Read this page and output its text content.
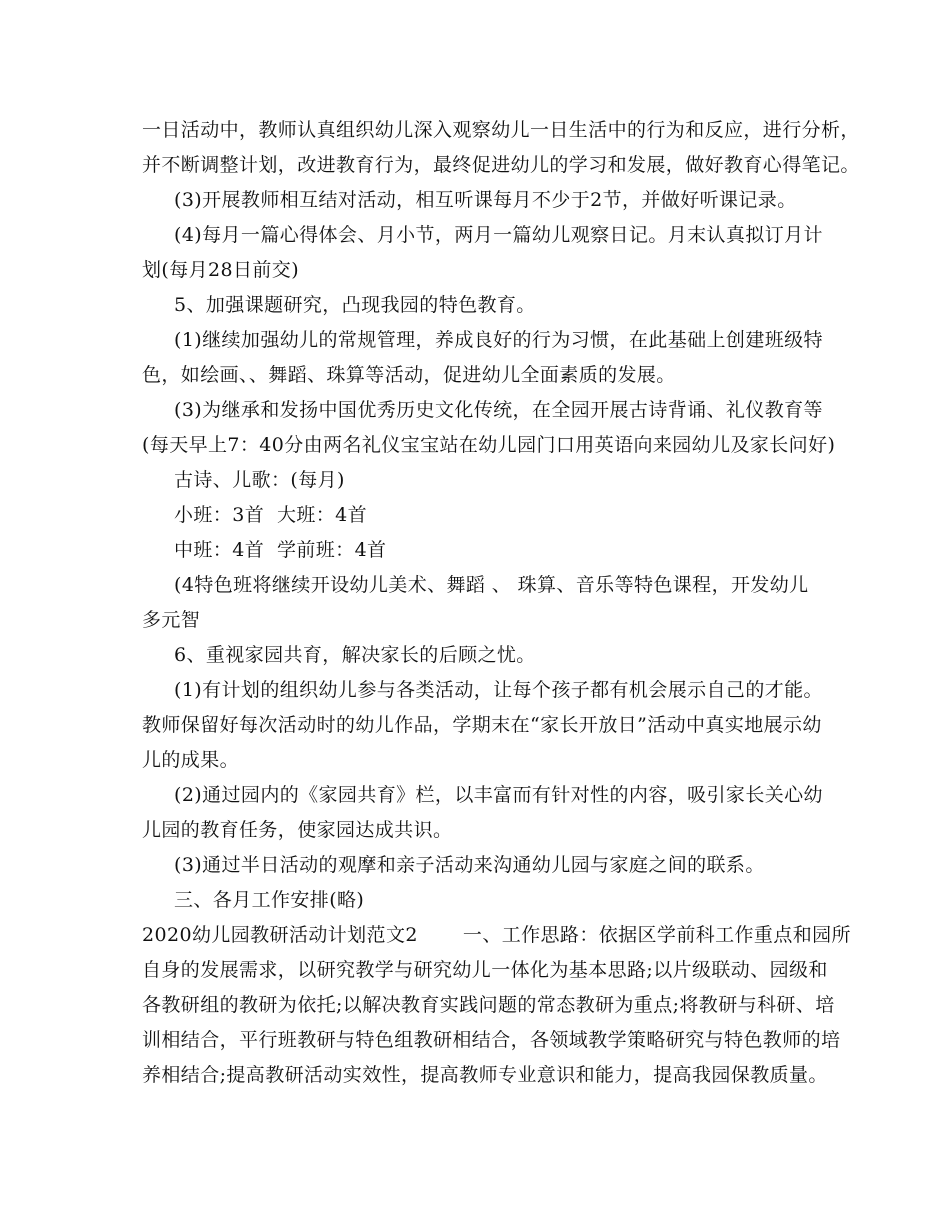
一日活动中，教师认真组织幼儿深入观察幼儿一日生活中的行为和反应，进行分析，
并不断调整计划，改进教育行为，最终促进幼儿的学习和发展，做好教育心得笔记。
(3)开展教师相互结对活动，相互听课每月不少于2节，并做好听课记录。
(4)每月一篇心得体会、月小节，两月一篇幼儿观察日记。月末认真拟订月计
划(每月28日前交)
5、加强课题研究，凸现我园的特色教育。
(1)继续加强幼儿的常规管理，养成良好的行为习惯，在此基础上创建班级特
色，如绘画、、舞蹈、珠算等活动，促进幼儿全面素质的发展。
(3)为继承和发扬中国优秀历史文化传统，在全园开展古诗背诵、礼仪教育等
(每天早上7：40分由两名礼仪宝宝站在幼儿园门口用英语向来园幼儿及家长问好)
古诗、儿歌：(每月)
小班：3首  大班：4首
中班：4首  学前班：4首
(4特色班将继续开设幼儿美术、舞蹈 、 珠算、音乐等特色课程，开发幼儿
多元智
6、重视家园共育，解决家长的后顾之忧。
(1)有计划的组织幼儿参与各类活动，让每个孩子都有机会展示自己的才能。
教师保留好每次活动时的幼儿作品，学期末在“家长开放日”活动中真实地展示幼
儿的成果。
(2)通过园内的《家园共育》栏，以丰富而有针对性的内容，吸引家长关心幼
儿园的教育任务，使家园达成共识。
(3)通过半日活动的观摩和亲子活动来沟通幼儿园与家庭之间的联系。
三、各月工作安排(略)
2020幼儿园教研活动计划范文2       一、工作思路：依据区学前科工作重点和园所
自身的发展需求，以研究教学与研究幼儿一体化为基本思路;以片级联动、园级和
各教研组的教研为依托;以解决教育实践问题的常态教研为重点;将教研与科研、培
训相结合，平行班教研与特色组教研相结合，各领域教学策略研究与特色教师的培
养相结合;提高教研活动实效性，提高教师专业意识和能力，提高我园保教质量。
